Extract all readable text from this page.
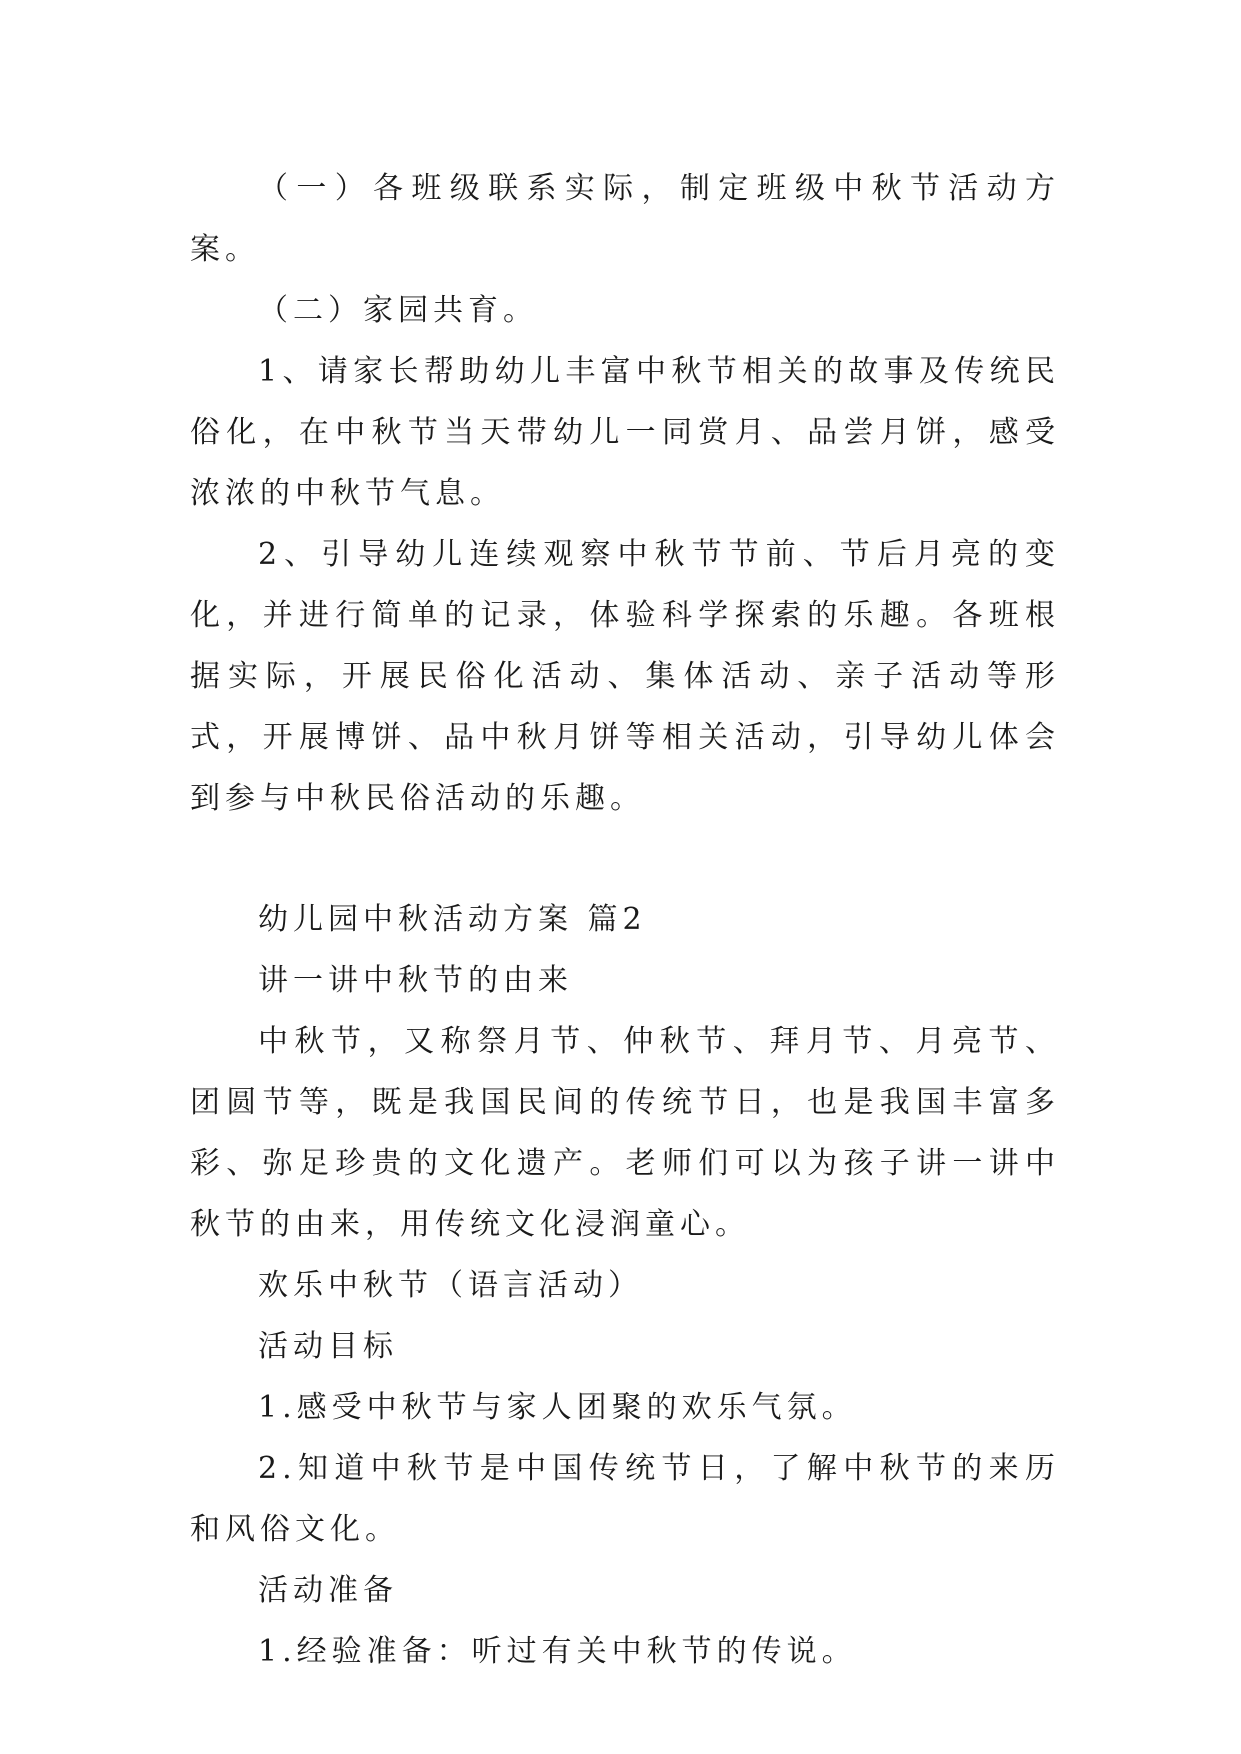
（一）各班级联系实际，制定班级中秋节活动方案。

（二）家园共育。

1、请家长帮助幼儿丰富中秋节相关的故事及传统民俗化，在中秋节当天带幼儿一同赏月、品尝月饼，感受浓浓的中秋节气息。

2、引导幼儿连续观察中秋节节前、节后月亮的变化，并进行简单的记录，体验科学探索的乐趣。各班根据实际，开展民俗化活动、集体活动、亲子活动等形式，开展博饼、品中秋月饼等相关活动，引导幼儿体会到参与中秋民俗活动的乐趣。

幼儿园中秋活动方案 篇2

讲一讲中秋节的由来

中秋节，又称祭月节、仲秋节、拜月节、月亮节、团圆节等，既是我国民间的传统节日，也是我国丰富多彩、弥足珍贵的文化遗产。老师们可以为孩子讲一讲中秋节的由来，用传统文化浸润童心。

欢乐中秋节（语言活动）

活动目标

1.感受中秋节与家人团聚的欢乐气氛。

2.知道中秋节是中国传统节日，了解中秋节的来历和风俗文化。

活动准备

1.经验准备：听过有关中秋节的传说。
